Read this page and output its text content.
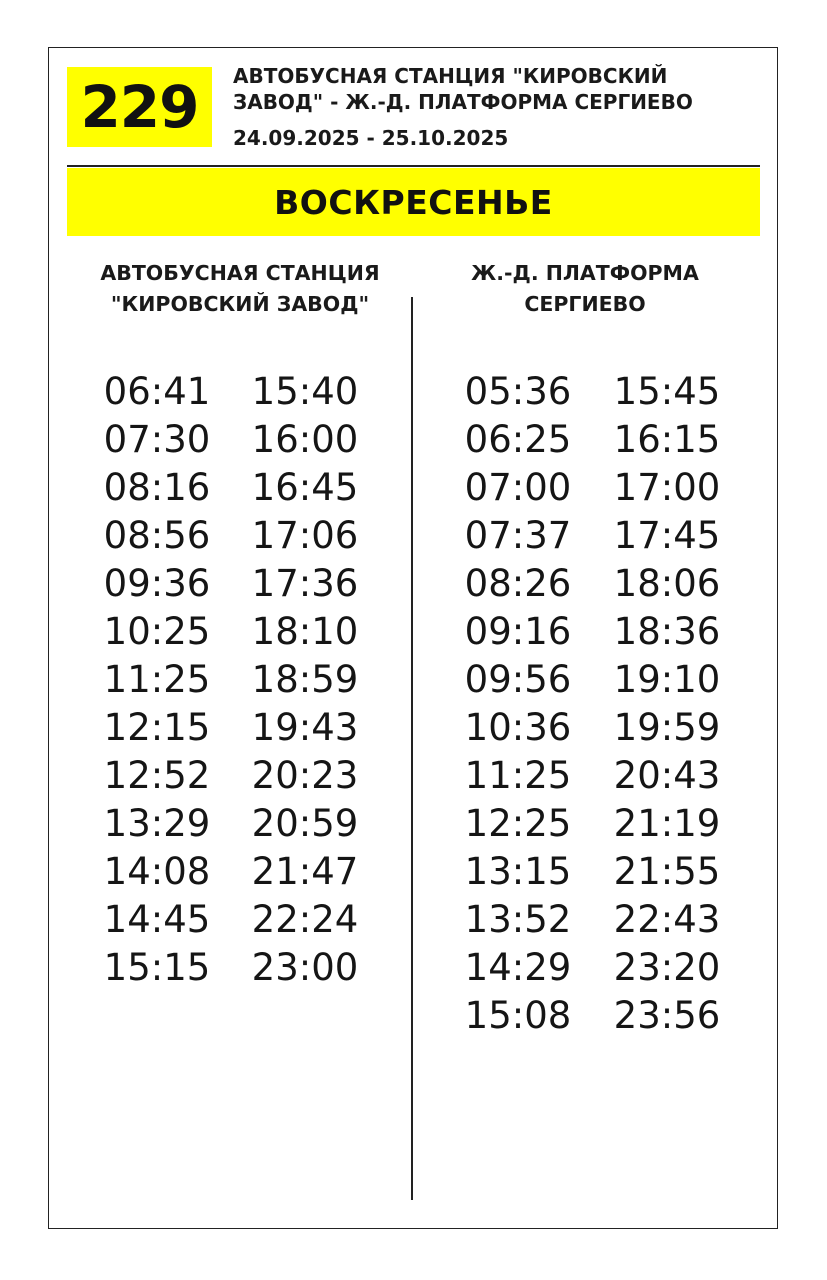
229 АВТОБУСНАЯ СТАНЦИЯ "КИРОВСКИЙ ЗАВОД" - Ж.-Д. ПЛАТФОРМА СЕРГИЕВО
24.09.2025 - 25.10.2025
ВОСКРЕСЕНЬЕ
АВТОБУСНАЯ СТАНЦИЯ
"КИРОВСКИЙ ЗАВОД"
Ж.-Д. ПЛАТФОРМА
СЕРГИЕВО
06:41
07:30
08:16
08:56
09:36
10:25
11:25
12:15
12:52
13:29
14:08
14:45
15:15
15:40
16:00
16:45
17:06
17:36
18:10
18:59
19:43
20:23
20:59
21:47
22:24
23:00
05:36
06:25
07:00
07:37
08:26
09:16
09:56
10:36
11:25
12:25
13:15
13:52
14:29
15:08
15:45
16:15
17:00
17:45
18:06
18:36
19:10
19:59
20:43
21:19
21:55
22:43
23:20
23:56
